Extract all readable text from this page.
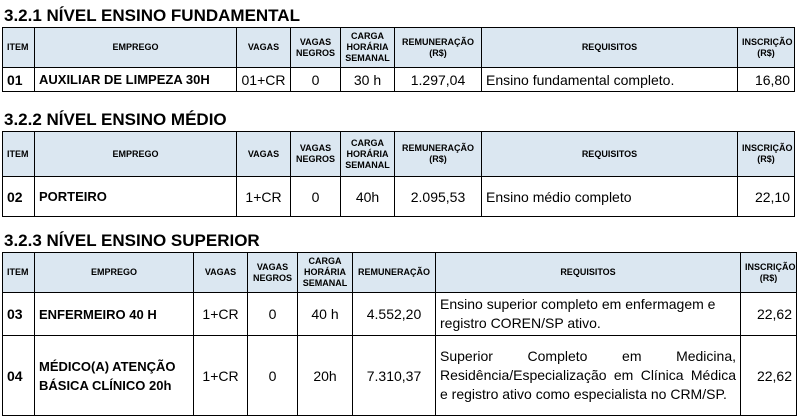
3.2.1 NÍVEL ENSINO FUNDAMENTAL
ITEM	EMPREGO	VAGAS	VAGAS NEGROS	CARGA HORÁRIA SEMANAL	REMUNERAÇÃO (R$)	REQUISITOS	INSCRIÇÃO (R$)
01	AUXILIAR DE LIMPEZA 30H	01+CR	0	30 h	1.297,04	Ensino fundamental completo.	16,80
3.2.2 NÍVEL ENSINO MÉDIO
ITEM	EMPREGO	VAGAS	VAGAS NEGROS	CARGA HORÁRIA SEMANAL	REMUNERAÇÃO (R$)	REQUISITOS	INSCRIÇÃO (R$)
02	PORTEIRO	1+CR	0	40h	2.095,53	Ensino médio completo	22,10
3.2.3 NÍVEL ENSINO SUPERIOR
ITEM	EMPREGO	VAGAS	VAGAS NEGROS	CARGA HORÁRIA SEMANAL	REMUNERAÇÃO	REQUISITOS	INSCRIÇÃO (R$)
03	ENFERMEIRO 40 H	1+CR	0	40 h	4.552,20	Ensino superior completo em enfermagem e registro COREN/SP ativo.	22,62
04	MÉDICO(A) ATENÇÃO BÁSICA CLÍNICO 20h	1+CR	0	20h	7.310,37	Superior Completo em Medicina, Residência/Especialização em Clínica Médica e registro ativo como especialista no CRM/SP.	22,62
